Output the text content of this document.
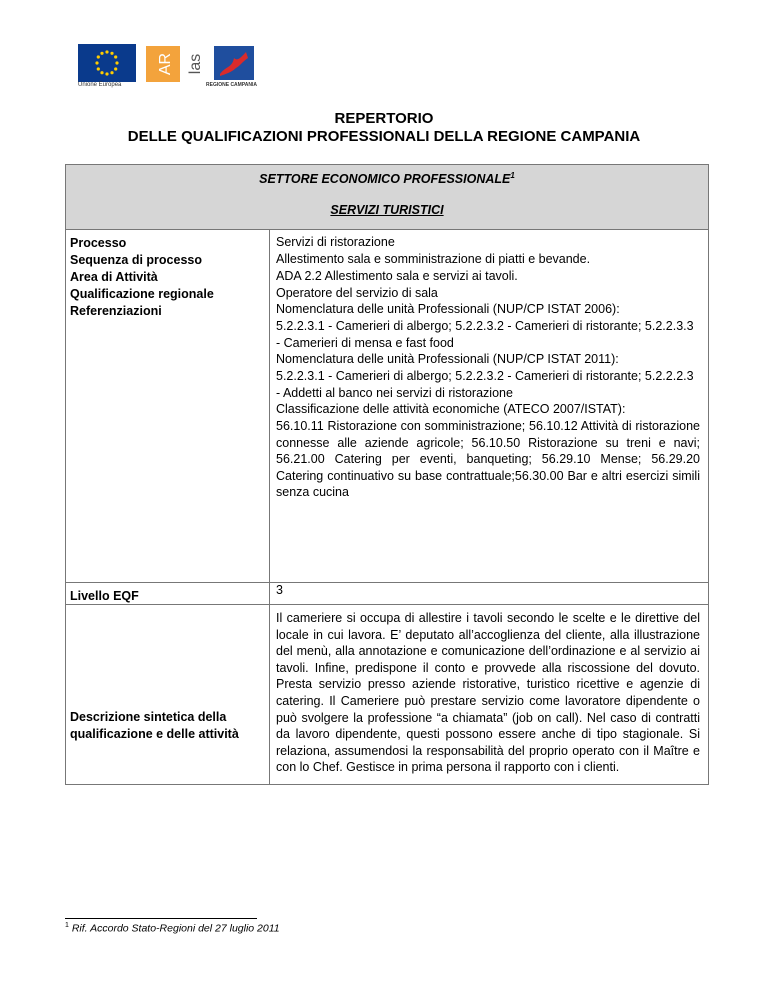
Unione Europea
AR las
REGIONE CAMPANIA
REPERTORIO
DELLE QUALIFICAZIONI PROFESSIONALI DELLA REGIONE CAMPANIA
SETTORE ECONOMICO PROFESSIONALE$^1$
SERVIZI TURISTICI
Processo
Sequenza di processo
Area di Attività
Qualificazione regionale
Referenziazioni
Livello EQF
Descrizione sintetica della
qualificazione e delle attività
Servizi di ristorazione
Allestimento sala e somministrazione di piatti e bevande.
ADA 2.2 Allestimento sala e servizi ai tavoli.
Operatore del servizio di sala
Nomenclatura delle unità Professionali (NUP/CP ISTAT 2006):
5.2.2.3.1 - Camerieri di albergo; 5.2.2.3.2 - Camerieri di ristorante; 5.2.2.3.3 - Camerieri di mensa e fast food
Nomenclatura delle unità Professionali (NUP/CP ISTAT 2011):
5.2.2.3.1 - Camerieri di albergo; 5.2.2.3.2 - Camerieri di ristorante; 5.2.2.2.3 - Addetti al banco nei servizi di ristorazione
Classificazione delle attività economiche (ATECO 2007/ISTAT):
56.10.11 Ristorazione con somministrazione; 56.10.12 Attività di ristorazione connesse alle aziende agricole; 56.10.50 Ristorazione su treni e navi; 56.21.00 Catering per eventi, banqueting; 56.29.10 Mense; 56.29.20 Catering continuativo su base contrattuale;56.30.00 Bar e altri esercizi simili senza cucina
3
Il cameriere si occupa di allestire i tavoli secondo le scelte e le direttive del locale in cui lavora. E’ deputato all’accoglienza del cliente, alla illustrazione del menù, alla annotazione e comunicazione dell’ordinazione e al servizio ai tavoli. Infine, predispone il conto e provvede alla riscossione del dovuto. Presta servizio presso aziende ristorative, turistico ricettive e agenzie di catering. Il Cameriere può prestare servizio come lavoratore dipendente o può svolgere la professione “a chiamata” (job on call). Nel caso di contratti da lavoro dipendente, questi possono essere anche di tipo stagionale. Si relaziona, assumendosi la responsabilità del proprio operato con il Maître e con lo Chef. Gestisce in prima persona il rapporto con i clienti.
$^1$ Rif. Accordo Stato-Regioni del 27 luglio 2011
